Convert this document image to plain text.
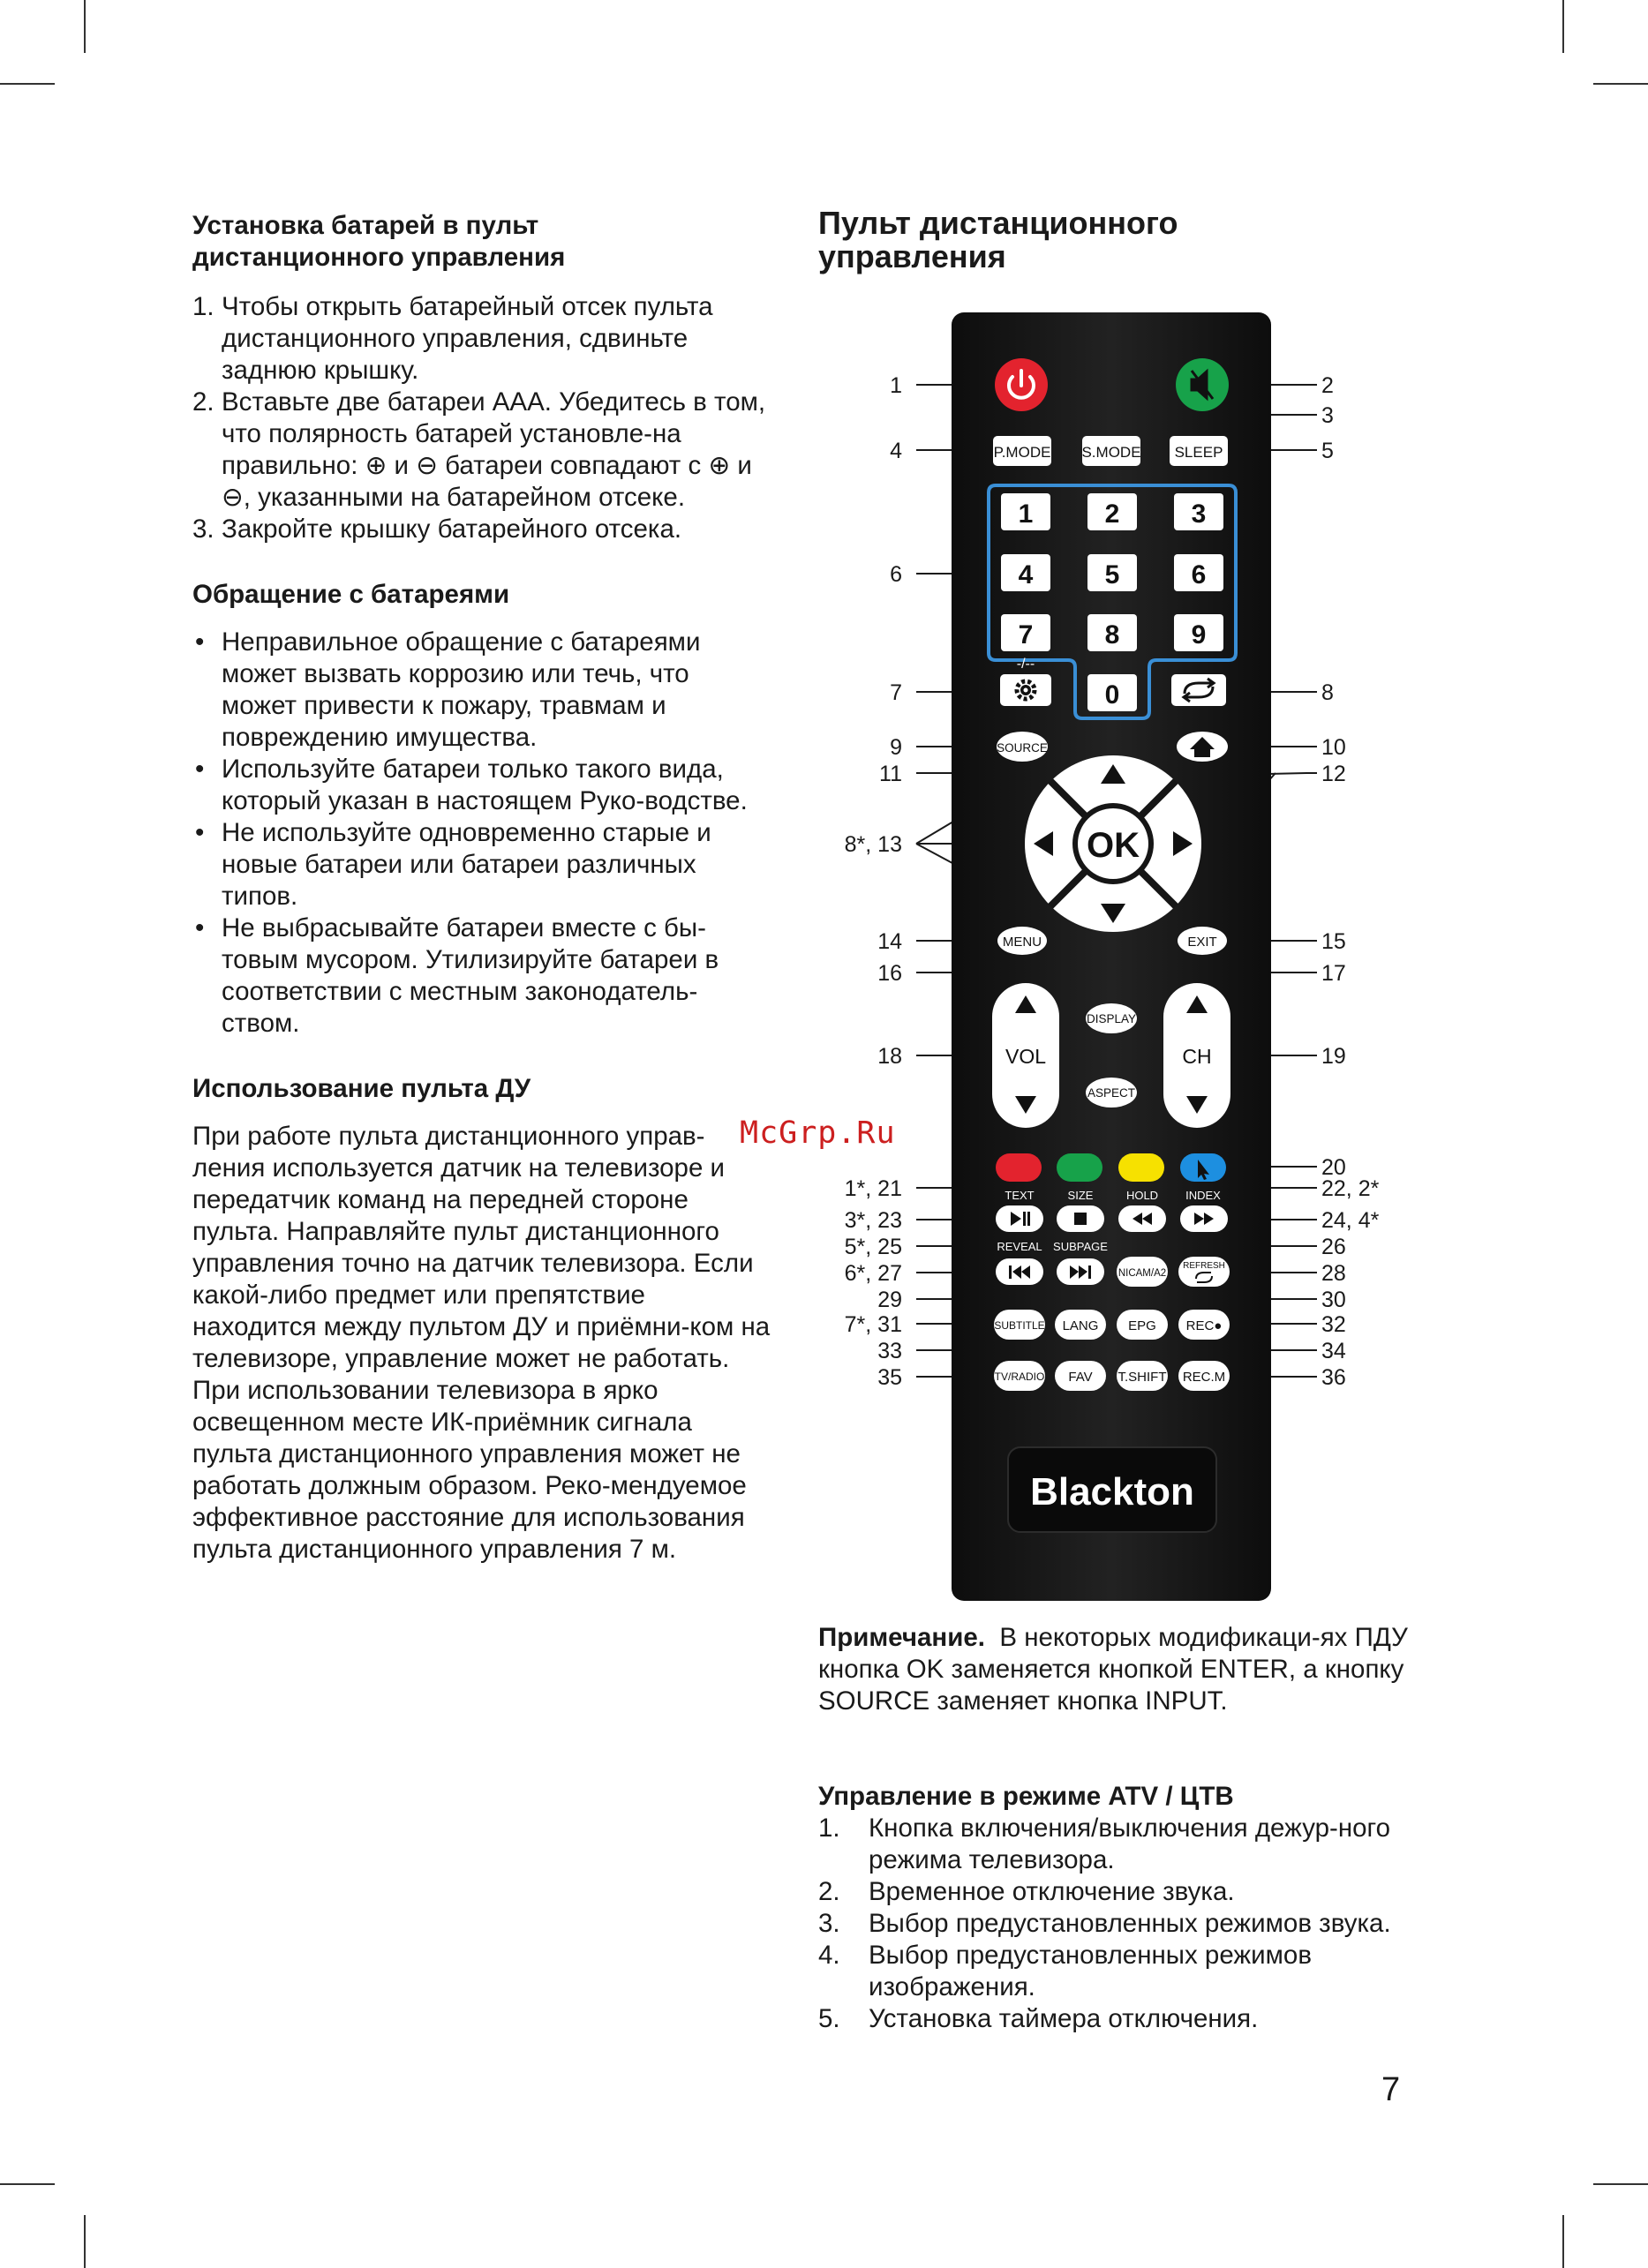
Установка батарей в пульт дистанционного управления
1. Чтобы открыть батарейный отсек пульта дистанционного управления, сдвиньте заднюю крышку.
2. Вставьте две батареи ААА. Убедитесь в том, что полярность батарей установле-на правильно: ⊕ и ⊖ батареи совпадают с ⊕ и ⊖, указанными на батарейном отсеке.
3. Закройте крышку батарейного отсека.
Обращение с батареями
• Неправильное обращение с батареями может вызвать коррозию или течь, что может привести к пожару, травмам и повреждению имущества.
• Используйте батареи только такого вида, который указан в настоящем Руко-водстве.
• Не используйте одновременно старые и новые батареи или батареи различных типов.
• Не выбрасывайте батареи вместе с бы-товым мусором. Утилизируйте батареи в соответствии с местным законодатель-ством.
Использование пульта ДУ
При работе пульта дистанционного управ-ления используется датчик на телевизоре и передатчик команд на передней стороне пульта. Направляйте пульт дистанционного управления точно на датчик телевизора. Если какой-либо предмет или препятствие находится между пультом ДУ и приёмни-ком на телевизоре, управление может не работать.
При использовании телевизора в ярко освещенном месте ИК-приёмник сигнала пульта дистанционного управления может не работать должным образом. Реко-мендуемое эффективное расстояние для использования пульта дистанционного управления 7 м.
Пульт дистанционного
управления
Примечание. В некоторых модификаци-ях ПДУ кнопка OK заменяется кнопкой ENTER, а кнопку SOURCE заменяет кнопка INPUT.
Управление в режиме ATV / ЦТВ
1. Кнопка включения/выключения дежур-ного режима телевизора.
2. Временное отключение звука.
3. Выбор предустановленных режимов звука.
4. Выбор предустановленных режимов изображения.
5. Установка таймера отключения.
7
McGrp.Ru
1
4
6
7
9
11
8*, 13
14
16
18
1*, 21
3*, 23
5*, 25
6*, 27
29
7*, 31
33
35
2
3
5
8
10
12
15
17
19
20
22, 2*
24, 4*
26
28
30
32
34
36
P.MODE S.MODE SLEEP
1	2	3
4	5	6
7	8	9
0
-/--
SOURCE
OK
MENU	EXIT
VOL	CH
DISPLAY
ASPECT
TEXT	SIZE	HOLD INDEX
REVEAL SUBPAGE
NICAM/A2
REFRESH
SUBTITLE LANG EPG REC●
TV/RADIO FAV T.SHIFT REC.M
Blackton
